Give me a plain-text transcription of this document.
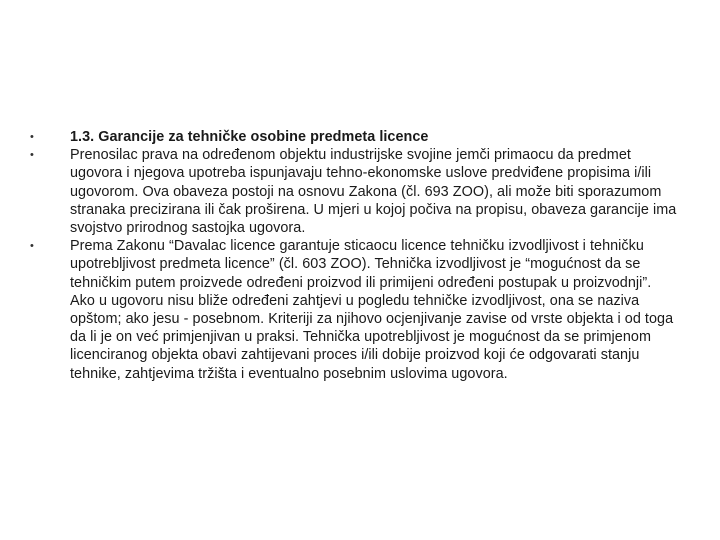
•	1.3. Garancije za tehničke osobine predmeta licence

•	Prenosilac prava na određenom objektu industrijske svojine jemči primaocu da predmet ugovora i njegova upotreba ispunjavaju tehno-ekonomske uslove predviđene propisima i/ili ugovorom. Ova obaveza postoji na osnovu Zakona (čl. 693 ZOO), ali može biti sporazumom stranaka precizirana ili čak proširena. U mjeri u kojoj počiva na propisu, obaveza garancije ima svojstvo prirodnog sastojka ugovora.

•	Prema Zakonu “Davalac licence garantuje sticaocu licence tehničku izvodljivost i tehničku upotrebljivost predmeta licence” (čl. 603 ZOO). Tehnička izvodljivost je “mogućnost da se tehničkim putem proizvede određeni proizvod ili primijeni određeni postupak u proizvodnji”. Ako u ugovoru nisu bliže određeni zahtjevi u pogledu tehničke izvodljivost, ona se naziva opštom; ako jesu - posebnom. Kriteriji za njihovo ocjenjivanje zavise od vrste objekta i od toga da li je on već primjenjivan u praksi. Tehnička upotrebljivost je mogućnost da se primjenom licenciranog objekta obavi zahtijevani proces i/ili dobije proizvod koji će odgovarati stanju tehnike, zahtjevima tržišta i eventualno posebnim uslovima ugovora.
